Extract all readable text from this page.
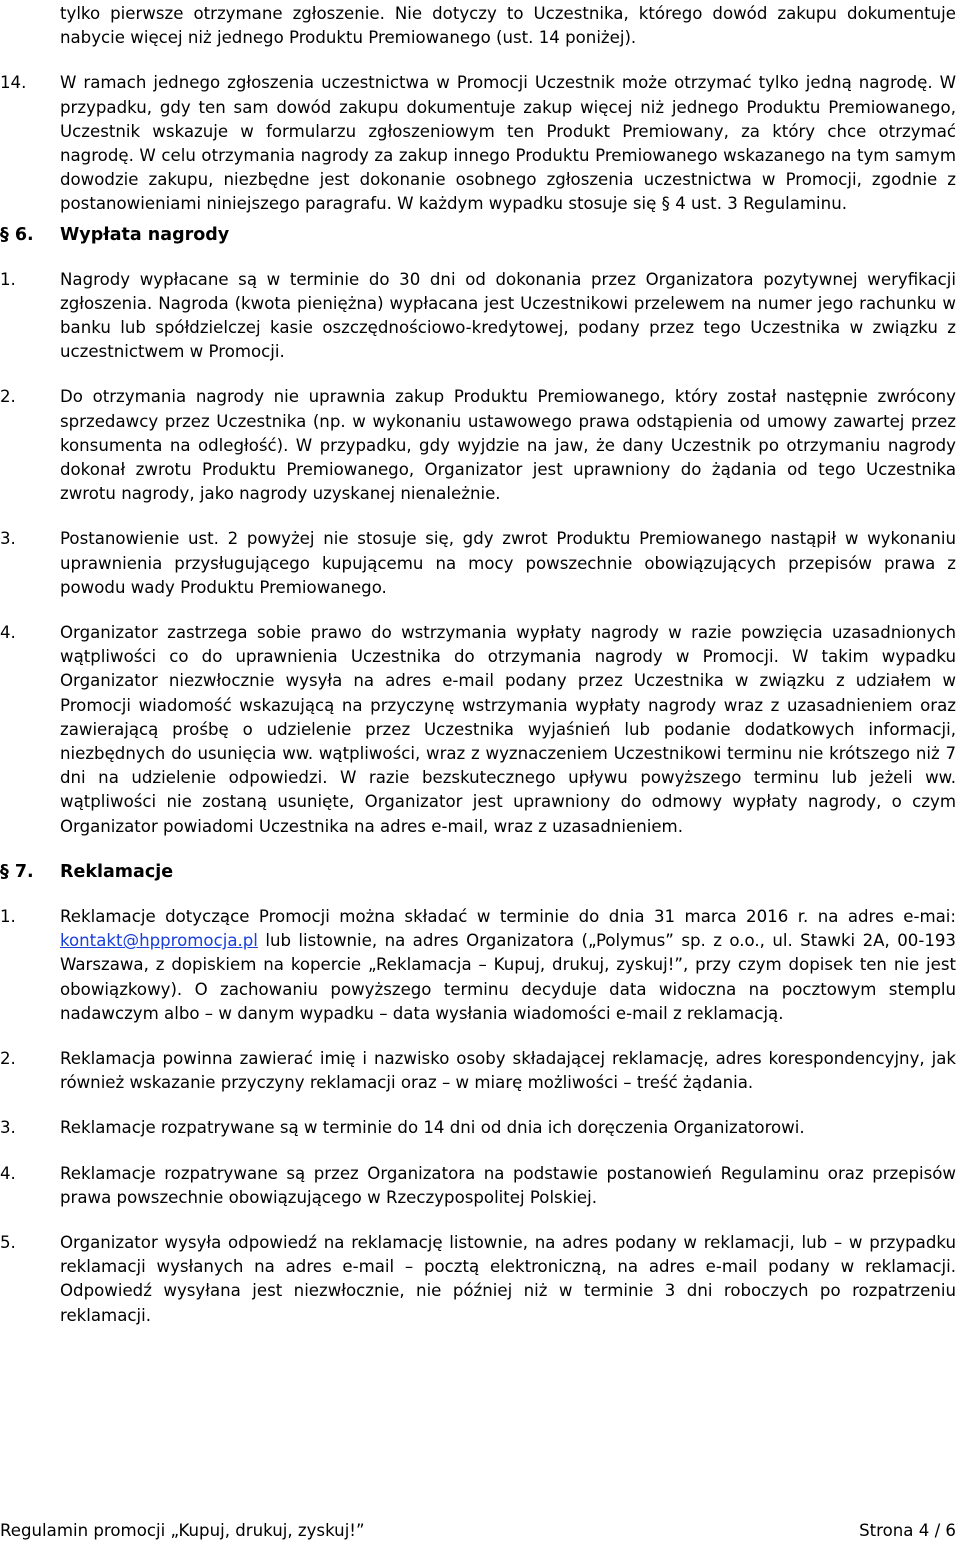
tylko pierwsze otrzymane zgłoszenie. Nie dotyczy to Uczestnika, którego dowód zakupu dokumentuje nabycie więcej niż jednego Produktu Premiowanego (ust. 14 poniżej).

14. W ramach jednego zgłoszenia uczestnictwa w Promocji Uczestnik może otrzymać tylko jedną nagrodę. W przypadku, gdy ten sam dowód zakupu dokumentuje zakup więcej niż jednego Produktu Premiowanego, Uczestnik wskazuje w formularzu zgłoszeniowym ten Produkt Premiowany, za który chce otrzymać nagrodę. W celu otrzymania nagrody za zakup innego Produktu Premiowanego wskazanego na tym samym dowodzie zakupu, niezbędne jest dokonanie osobnego zgłoszenia uczestnictwa w Promocji, zgodnie z postanowieniami niniejszego paragrafu. W każdym wypadku stosuje się § 4 ust. 3 Regulaminu.

§ 6. Wypłata nagrody

1.	Nagrody wypłacane są w terminie do 30 dni od dokonania przez Organizatora pozytywnej weryfikacji zgłoszenia. Nagroda (kwota pieniężna) wypłacana jest Uczestnikowi przelewem na numer jego rachunku w banku lub spółdzielczej kasie oszczędnościowo-kredytowej, podany przez tego Uczestnika w związku z uczestnictwem w Promocji.

2.	Do otrzymania nagrody nie uprawnia zakup Produktu Premiowanego, który został następnie zwrócony sprzedawcy przez Uczestnika (np. w wykonaniu ustawowego prawa odstąpienia od umowy zawartej przez konsumenta na odległość). W przypadku, gdy wyjdzie na jaw, że dany Uczestnik po otrzymaniu nagrody dokonał zwrotu Produktu Premiowanego, Organizator jest uprawniony do żądania od tego Uczestnika zwrotu nagrody, jako nagrody uzyskanej nienależnie.

3.	Postanowienie ust. 2 powyżej nie stosuje się, gdy zwrot Produktu Premiowanego nastąpił w wykonaniu uprawnienia przysługującego kupującemu na mocy powszechnie obowiązujących przepisów prawa z powodu wady Produktu Premiowanego.

4.	Organizator zastrzega sobie prawo do wstrzymania wypłaty nagrody w razie powzięcia uzasadnionych wątpliwości co do uprawnienia Uczestnika do otrzymania nagrody w Promocji. W takim wypadku Organizator niezwłocznie wysyła na adres e-mail podany przez Uczestnika w związku z udziałem w Promocji wiadomość wskazującą na przyczynę wstrzymania wypłaty nagrody wraz z uzasadnieniem oraz zawierającą prośbę o udzielenie przez Uczestnika wyjaśnień lub podanie dodatkowych informacji, niezbędnych do usunięcia ww. wątpliwości, wraz z wyznaczeniem Uczestnikowi terminu nie krótszego niż 7 dni na udzielenie odpowiedzi. W razie bezskutecznego upływu powyższego terminu lub jeżeli ww. wątpliwości nie zostaną usunięte, Organizator jest uprawniony do odmowy wypłaty nagrody, o czym Organizator powiadomi Uczestnika na adres e-mail, wraz z uzasadnieniem.

§ 7. Reklamacje

1.	Reklamacje dotyczące Promocji można składać w terminie do dnia 31 marca 2016 r. na adres e-mai: kontakt@hppromocja.pl lub listownie, na adres Organizatora („Polymus” sp. z o.o., ul. Stawki 2A, 00-193 Warszawa, z dopiskiem na kopercie „Reklamacja – Kupuj, drukuj, zyskuj!”, przy czym dopisek ten nie jest obowiązkowy). O zachowaniu powyższego terminu decyduje data widoczna na pocztowym stemplu nadawczym albo – w danym wypadku – data wysłania wiadomości e-mail z reklamacją.

2.	Reklamacja powinna zawierać imię i nazwisko osoby składającej reklamację, adres korespondencyjny, jak również wskazanie przyczyny reklamacji oraz – w miarę możliwości – treść żądania.

3.	Reklamacje rozpatrywane są w terminie do 14 dni od dnia ich doręczenia Organizatorowi.

4.	Reklamacje rozpatrywane są przez Organizatora na podstawie postanowień Regulaminu oraz przepisów prawa powszechnie obowiązującego w Rzeczypospolitej Polskiej.

5.	Organizator wysyła odpowiedź na reklamację listownie, na adres podany w reklamacji, lub – w przypadku reklamacji wysłanych na adres e-mail – pocztą elektroniczną, na adres e-mail podany w reklamacji. Odpowiedź wysyłana jest niezwłocznie, nie później niż w terminie 3 dni roboczych po rozpatrzeniu reklamacji.

Regulamin promocji „Kupuj, drukuj, zyskuj!”	Strona 4 / 6
